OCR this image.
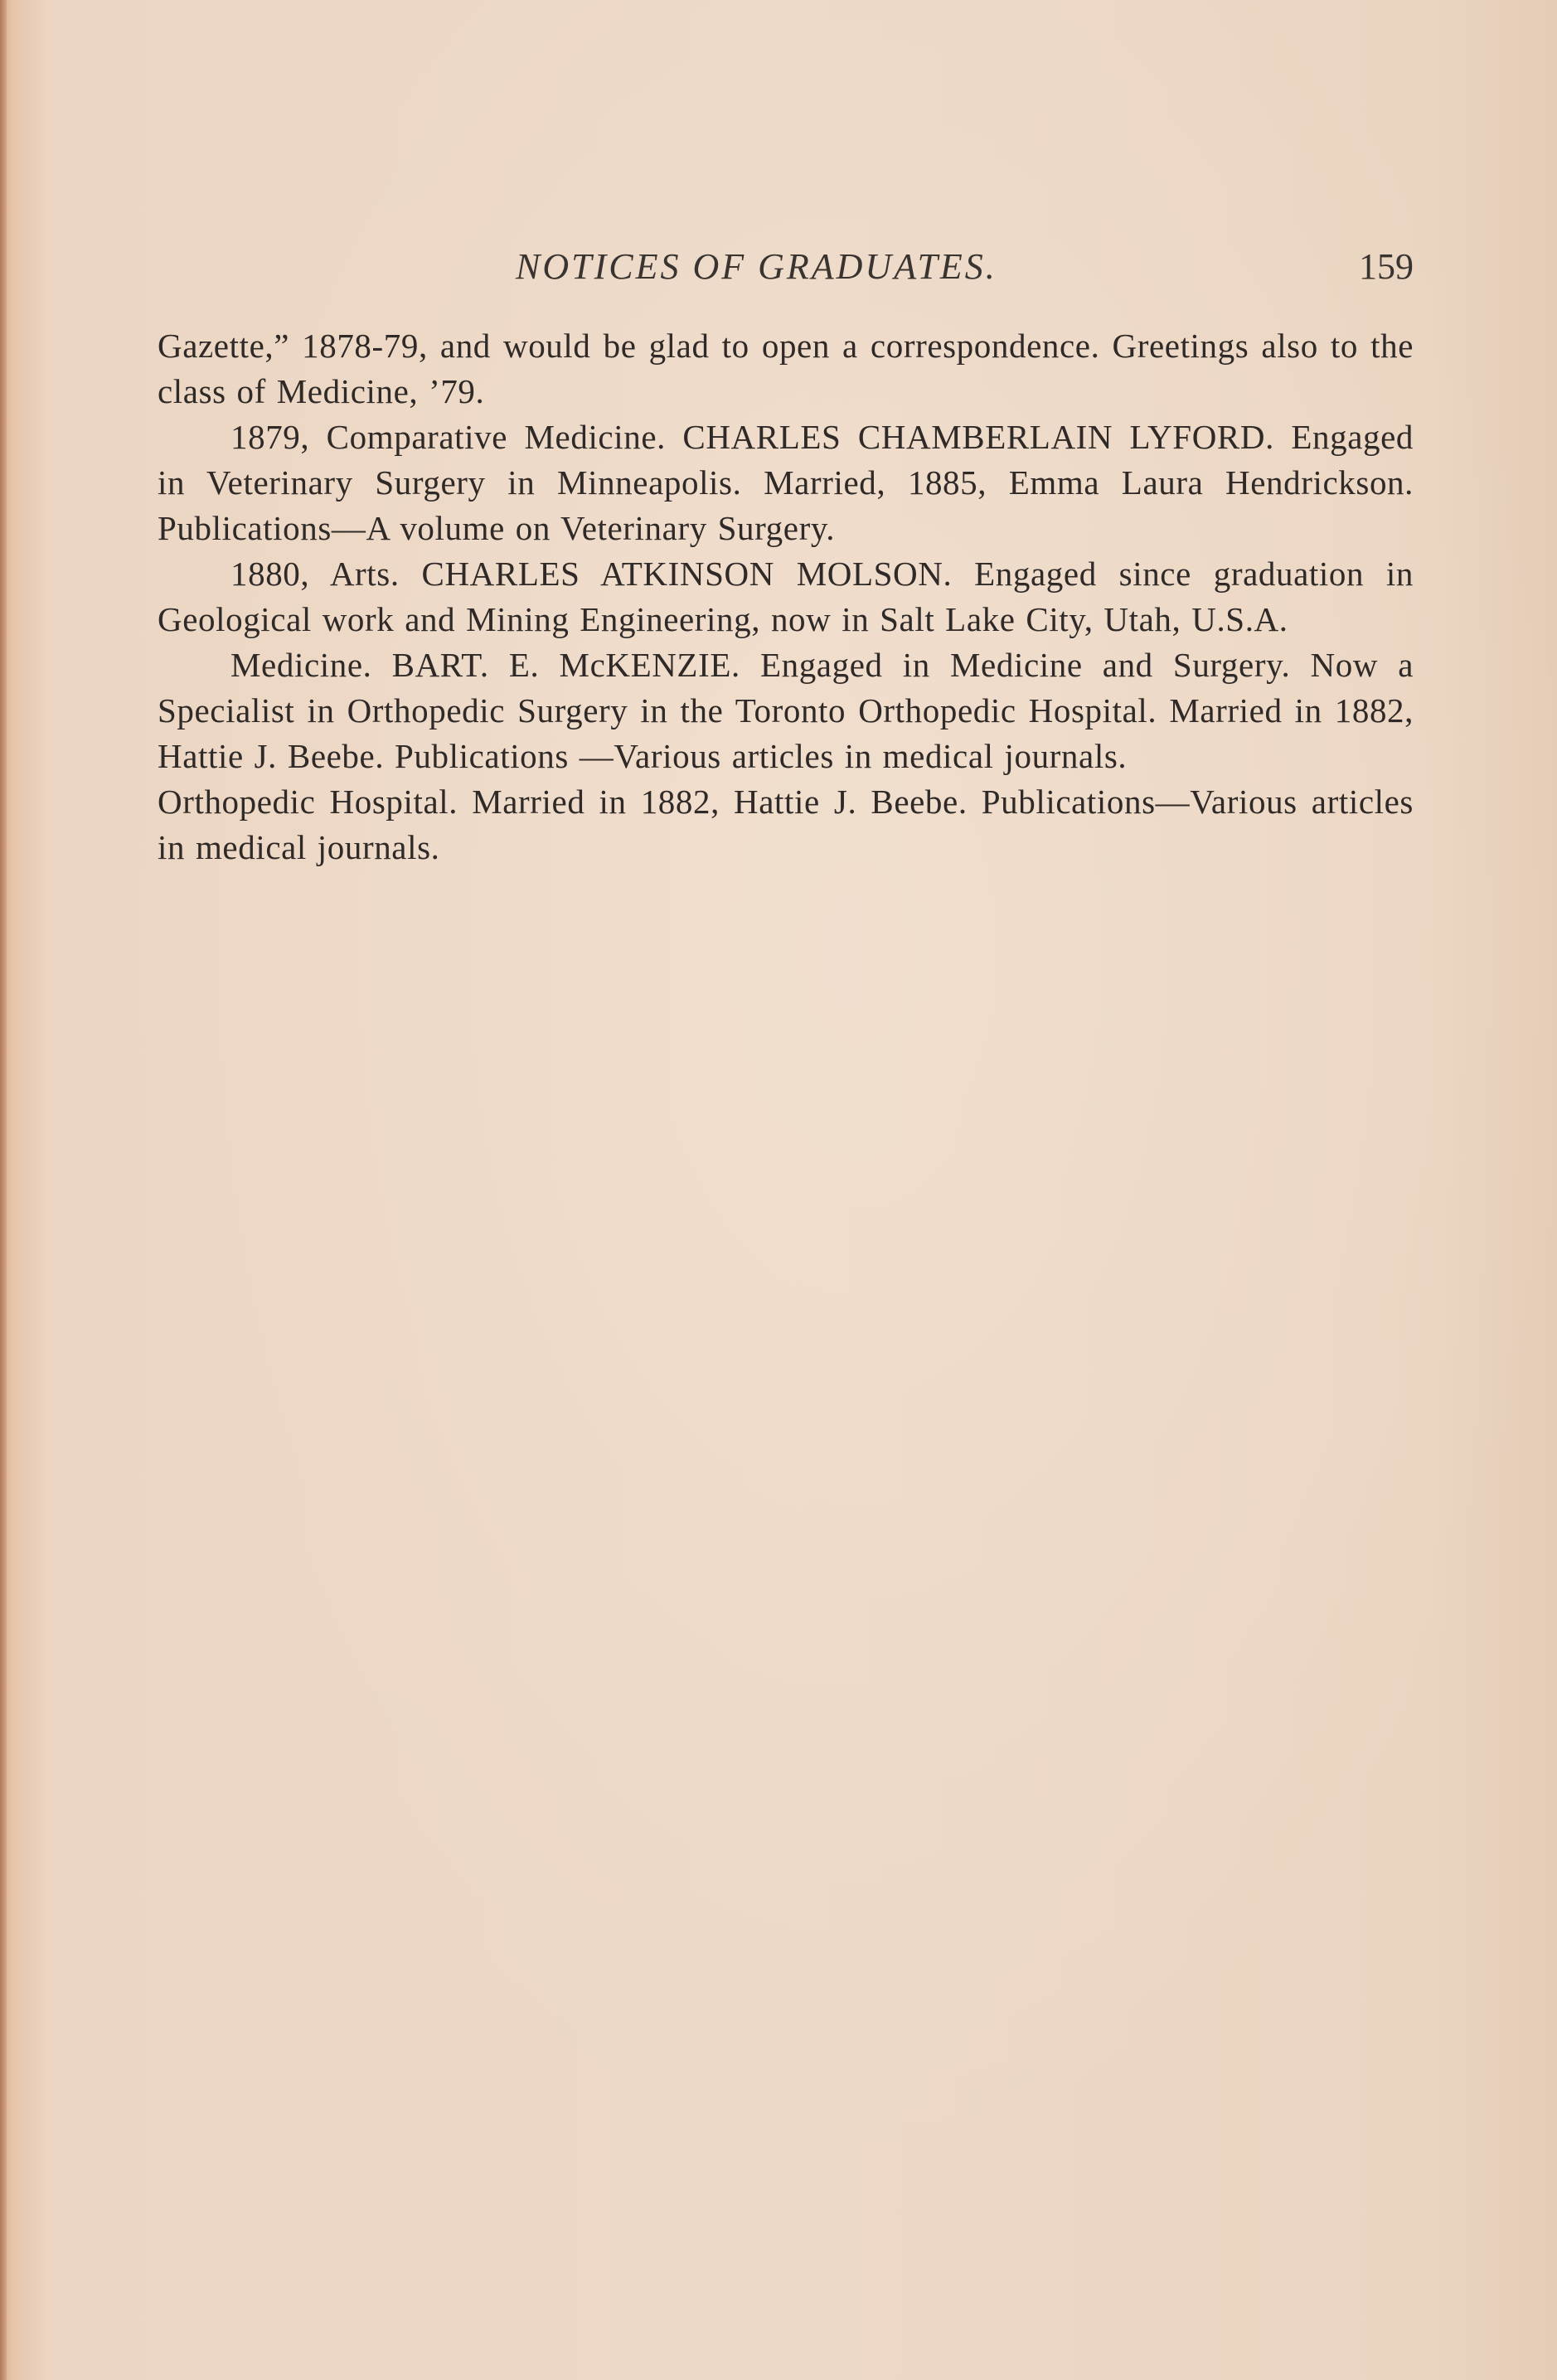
NOTICES OF GRADUATES.	159

Gazette,” 1878-79, and would be glad to open a correspondence. Greetings also to the class of Medicine, ’79.

1879, Comparative Medicine. CHARLES CHAMBERLAIN LYFORD. Engaged in Veterinary Surgery in Minneapolis. Married, 1885, Emma Laura Hendrickson. Publications—A volume on Veterinary Surgery.

1880, Arts. CHARLES ATKINSON MOLSON. Engaged since graduation in Geological work and Mining Engineering, now in Salt Lake City, Utah, U.S.A.

Medicine. BART. E. McKENZIE. Engaged in Medicine and Surgery. Now a Specialist in Orthopedic Surgery in the Toronto Orthopedic Hospital. Married in 1882, Hattie J. Beebe. Publications —Various articles in medical journals.

Orthopedic Hospital. Married in 1882, Hattie J. Beebe. Publications—Various articles in medical journals.
